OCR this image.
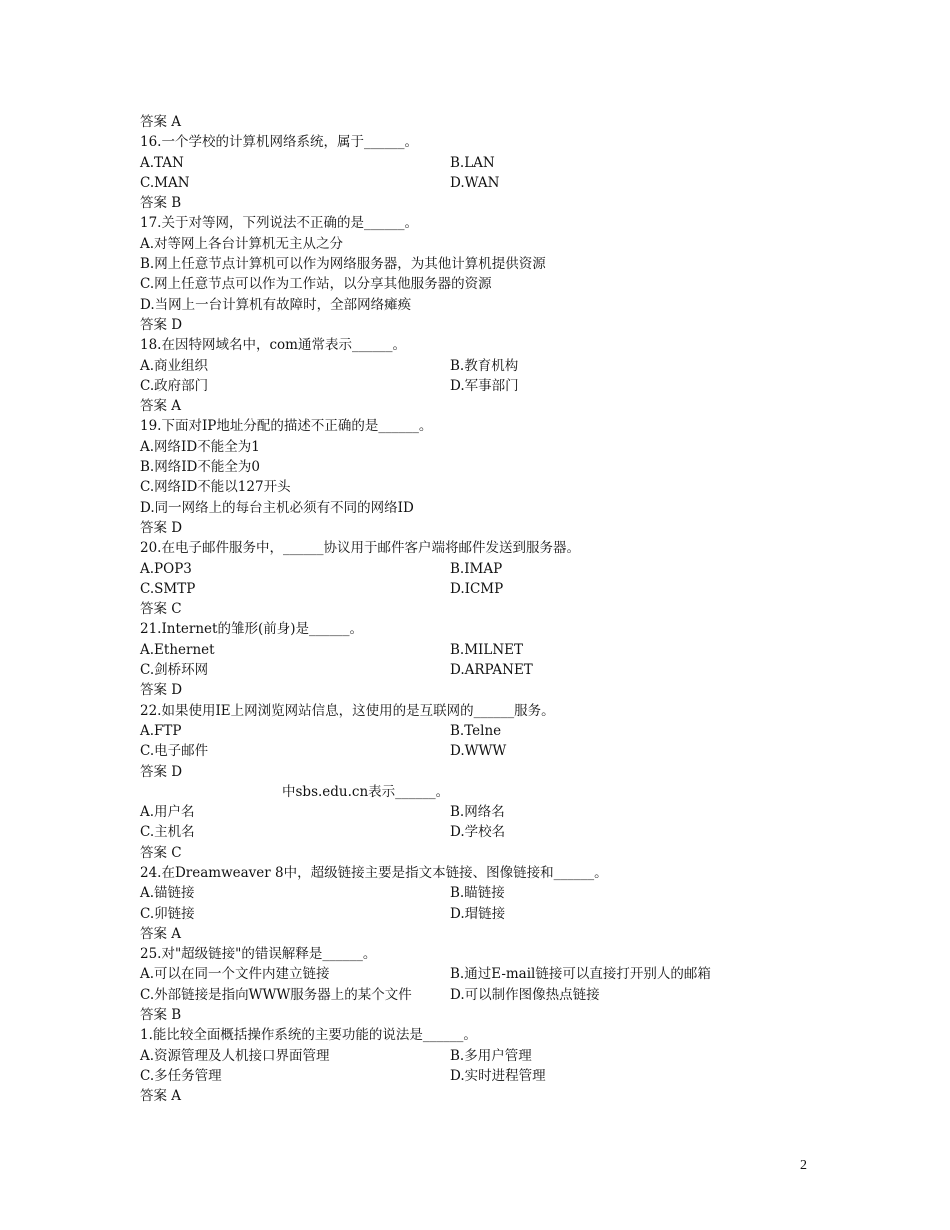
答案 A
16.一个学校的计算机网络系统，属于______。
A.TAN	B.LAN
C.MAN	D.WAN
答案 B
17.关于对等网，下列说法不正确的是______。
A.对等网上各台计算机无主从之分
B.网上任意节点计算机可以作为网络服务器，为其他计算机提供资源
C.网上任意节点可以作为工作站，以分享其他服务器的资源
D.当网上一台计算机有故障时，全部网络瘫痪
答案 D
18.在因特网域名中，com通常表示______。
A.商业组织	B.教育机构
C.政府部门	D.军事部门
答案 A
19.下面对IP地址分配的描述不正确的是______。
A.网络ID不能全为1
B.网络ID不能全为0
C.网络ID不能以127开头
D.同一网络上的每台主机必须有不同的网络ID
答案 D
20.在电子邮件服务中，______协议用于邮件客户端将邮件发送到服务器。
A.POP3	B.IMAP
C.SMTP	D.ICMP
答案 C
21.Internet的雏形(前身)是______。
A.Ethernet	B.MILNET
C.剑桥环网	D.ARPANET
答案 D
22.如果使用IE上网浏览网站信息，这使用的是互联网的______服务。
A.FTP	B.Telne
C.电子邮件	D.WWW
答案 D
中sbs.edu.cn表示______。
A.用户名	B.网络名
C.主机名	D.学校名
答案 C
24.在Dreamweaver 8中，超级链接主要是指文本链接、图像链接和______。
A.锚链接	B.瞄链接
C.卯链接	D.瑁链接
答案 A
25.对"超级链接"的错误解释是______。
A.可以在同一个文件内建立链接	B.通过E-mail链接可以直接打开别人的邮箱
C.外部链接是指向WWW服务器上的某个文件	D.可以制作图像热点链接
答案 B
1.能比较全面概括操作系统的主要功能的说法是______。
A.资源管理及人机接口界面管理	B.多用户管理
C.多任务管理	D.实时进程管理
答案 A
2
